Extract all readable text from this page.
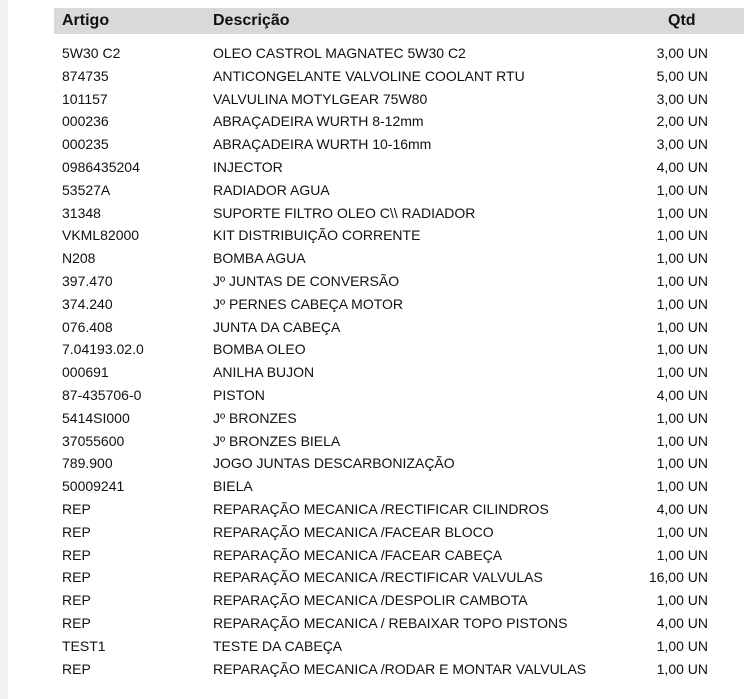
Artigo	Descrição	Qtd
5W30 C2	OLEO CASTROL MAGNATEC 5W30 C2	3,00 UN
874735	ANTICONGELANTE VALVOLINE COOLANT RTU	5,00 UN
101157	VALVULINA MOTYLGEAR 75W80	3,00 UN
000236	ABRAÇADEIRA WURTH 8-12mm	2,00 UN
000235	ABRAÇADEIRA WURTH 10-16mm	3,00 UN
0986435204	INJECTOR	4,00 UN
53527A	RADIADOR AGUA	1,00 UN
31348	SUPORTE FILTRO OLEO C\\ RADIADOR	1,00 UN
VKML82000	KIT DISTRIBUIÇÃO CORRENTE	1,00 UN
N208	BOMBA AGUA	1,00 UN
397.470	Jº JUNTAS DE CONVERSÃO	1,00 UN
374.240	Jº PERNES CABEÇA MOTOR	1,00 UN
076.408	JUNTA DA CABEÇA	1,00 UN
7.04193.02.0	BOMBA OLEO	1,00 UN
000691	ANILHA BUJON	1,00 UN
87-435706-0	PISTON	4,00 UN
5414SI000	Jº BRONZES	1,00 UN
37055600	Jº BRONZES BIELA	1,00 UN
789.900	JOGO JUNTAS DESCARBONIZAÇÃO	1,00 UN
50009241	BIELA	1,00 UN
REP	REPARAÇÃO MECANICA /RECTIFICAR CILINDROS	4,00 UN
REP	REPARAÇÃO MECANICA /FACEAR BLOCO	1,00 UN
REP	REPARAÇÃO MECANICA /FACEAR CABEÇA	1,00 UN
REP	REPARAÇÃO MECANICA /RECTIFICAR VALVULAS	16,00 UN
REP	REPARAÇÃO MECANICA /DESPOLIR CAMBOTA	1,00 UN
REP	REPARAÇÃO MECANICA / REBAIXAR TOPO PISTONS	4,00 UN
TEST1	TESTE DA CABEÇA	1,00 UN
REP	REPARAÇÃO MECANICA /RODAR E MONTAR VALVULAS	1,00 UN
